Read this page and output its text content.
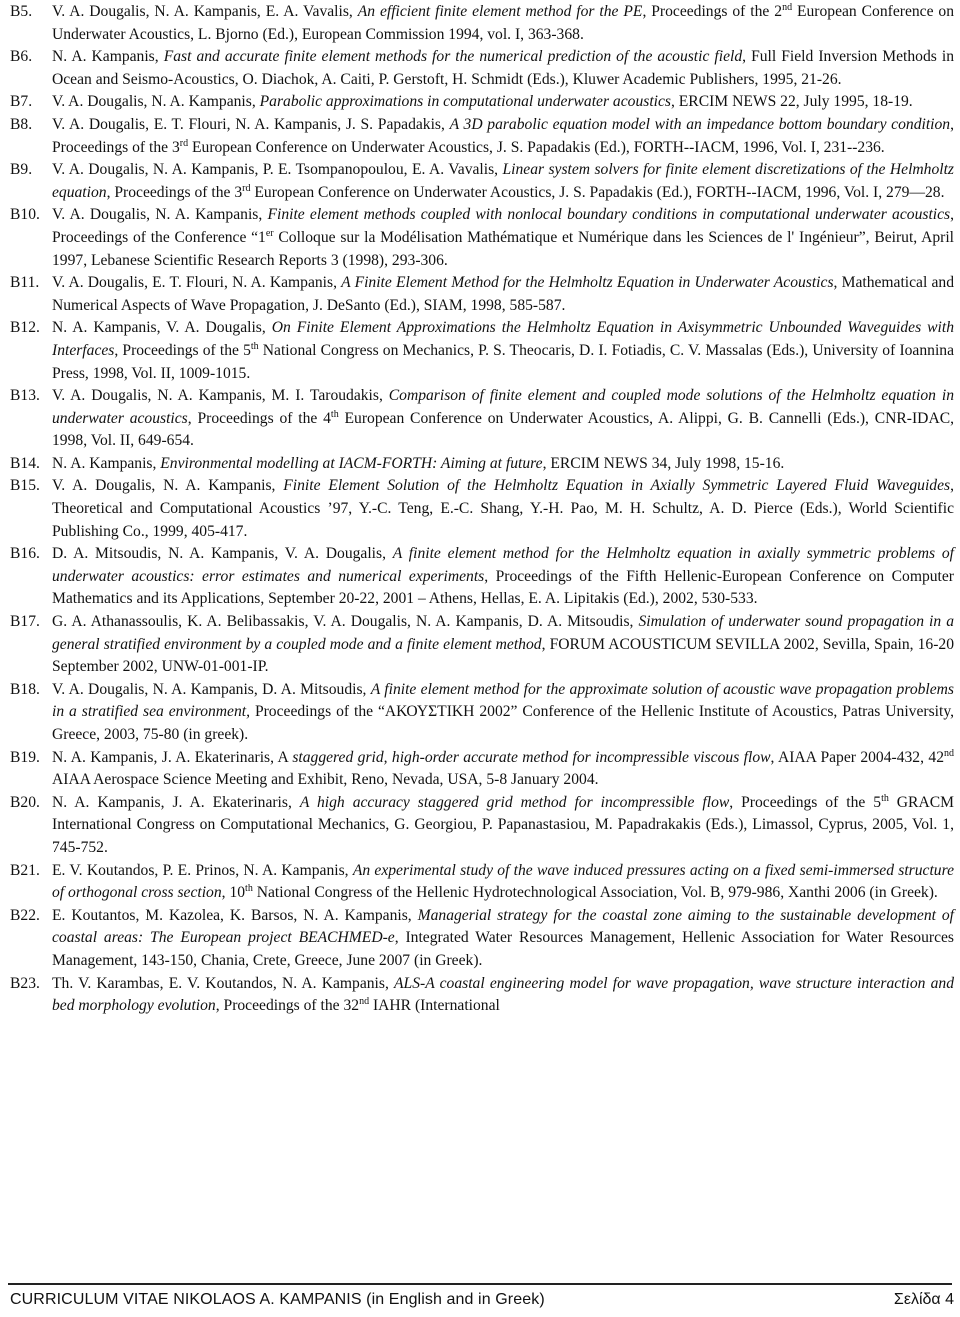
B5.	V. A. Dougalis, N. A. Kampanis, E. A. Vavalis, An efficient finite element method for the PE, Proceedings of the 2nd European Conference on Underwater Acoustics, L. Bjorno (Ed.), European Commission 1994, vol. I, 363-368.
B6.	N. A. Kampanis, Fast and accurate finite element methods for the numerical prediction of the acoustic field, Full Field Inversion Methods in Ocean and Seismo-Acoustics, O. Diachok, A. Caiti, P. Gerstoft, H. Schmidt (Eds.), Kluwer Academic Publishers, 1995, 21-26.
B7.	V. A. Dougalis, N. A. Kampanis, Parabolic approximations in computational underwater acoustics, ERCIM NEWS 22, July 1995, 18-19.
B8.	V. A. Dougalis, E. T. Flouri, N. A. Kampanis, J. S. Papadakis, A 3D parabolic equation model with an impedance bottom boundary condition, Proceedings of the 3rd European Conference on Underwater Acoustics, J. S. Papadakis (Ed.), FORTH--IACM, 1996, Vol. I, 231--236.
B9.	V. A. Dougalis, N. A. Kampanis, P. E. Tsompanopoulou, E. A. Vavalis, Linear system solvers for finite element discretizations of the Helmholtz equation, Proceedings of the 3rd European Conference on Underwater Acoustics, J. S. Papadakis (Ed.), FORTH--IACM, 1996, Vol. I, 279—28.
B10. V. A. Dougalis, N. A. Kampanis, Finite element methods coupled with nonlocal boundary conditions in computational underwater acoustics, Proceedings of the Conference “1er Colloque sur la Modélisation Mathématique et Numérique dans les Sciences de l' Ingénieur”, Beirut, April 1997, Lebanese Scientific Research Reports 3 (1998), 293-306.
B11. V. A. Dougalis, E. T. Flouri, N. A. Kampanis, A Finite Element Method for the Helmholtz Equation in Underwater Acoustics, Mathematical and Numerical Aspects of Wave Propagation, J. DeSanto (Ed.), SIAM, 1998, 585-587.
B12. N. A. Kampanis, V. A. Dougalis, On Finite Element Approximations the Helmholtz Equation in Axisymmetric Unbounded Waveguides with Interfaces, Proceedings of the 5th National Congress on Mechanics, P. S. Theocaris, D. I. Fotiadis, C. V. Massalas (Eds.), University of Ioannina Press, 1998, Vol. II, 1009-1015.
B13. V. A. Dougalis, N. A. Kampanis, M. I. Taroudakis, Comparison of finite element and coupled mode solutions of the Helmholtz equation in underwater acoustics, Proceedings of the 4th European Conference on Underwater Acoustics, A. Alippi, G. B. Cannelli (Eds.), CNR-IDAC, 1998, Vol. II, 649-654.
B14. N. A. Kampanis, Environmental modelling at IACM-FORTH: Aiming at future, ERCIM NEWS 34, July 1998, 15-16.
B15. V. A. Dougalis, N. A. Kampanis, Finite Element Solution of the Helmholtz Equation in Axially Symmetric Layered Fluid Waveguides, Theoretical and Computational Acoustics ’97, Y.-C. Teng, E.-C. Shang, Y.-H. Pao, M. H. Schultz, A. D. Pierce (Eds.), World Scientific Publishing Co., 1999, 405-417.
B16. D. A. Mitsoudis, N. A. Kampanis, V. A. Dougalis, A finite element method for the Helmholtz equation in axially symmetric problems of underwater acoustics: error estimates and numerical experiments, Proceedings of the Fifth Hellenic-European Conference on Computer Mathematics and its Applications, September 20-22, 2001 – Athens, Hellas, E. A. Lipitakis (Ed.), 2002, 530-533.
B17. G. A. Athanassoulis, K. A. Belibassakis, V. A. Dougalis, N. A. Kampanis, D. A. Mitsoudis, Simulation of underwater sound propagation in a general stratified environment by a coupled mode and a finite element method, FORUM ACOUSTICUM SEVILLA 2002, Sevilla, Spain, 16-20 September 2002, UNW-01-001-IP.
B18. V. A. Dougalis, N. A. Kampanis, D. A. Mitsoudis, A finite element method for the approximate solution of acoustic wave propagation problems in a stratified sea environment, Proceedings of the “ΑΚΟΥΣΤΙΚΗ 2002” Conference of the Hellenic Institute of Acoustics, Patras University, Greece, 2003, 75-80 (in greek).
B19. N. A. Kampanis, J. A. Ekaterinaris, A staggered grid, high-order accurate method for incompressible viscous flow, AIAA Paper 2004-432, 42nd AIAA Aerospace Science Meeting and Exhibit, Reno, Nevada, USA, 5-8 January 2004.
B20. N. A. Kampanis, J. A. Ekaterinaris, A high accuracy staggered grid method for incompressible flow, Proceedings of the 5th GRACM International Congress on Computational Mechanics, G. Georgiou, P. Papanastasiou, M. Papadrakakis (Eds.), Limassol, Cyprus, 2005, Vol. 1, 745-752.
B21. E. V. Koutandos, P. E. Prinos, N. A. Kampanis, An experimental study of the wave induced pressures acting on a fixed semi-immersed structure of orthogonal cross section, 10th National Congress of the Hellenic Hydrotechnological Association, Vol. B, 979-986, Xanthi 2006 (in Greek).
B22. E. Koutantos, M. Kazolea, K. Barsos, N. A. Kampanis, Managerial strategy for the coastal zone aiming to the sustainable development of coastal areas: The European project BEACHMED-e, Integrated Water Resources Management, Hellenic Association for Water Resources Management, 143-150, Chania, Crete, Greece, June 2007 (in Greek).
B23. Th. V. Karambas, E. V. Koutandos, N. A. Kampanis, ALS-A coastal engineering model for wave propagation, wave structure interaction and bed morphology evolution, Proceedings of the 32nd IAHR (International
CURRICULUM VITAE NIKOLAOS A. KAMPANIS (in English and in Greek)	Σελίδα 4
